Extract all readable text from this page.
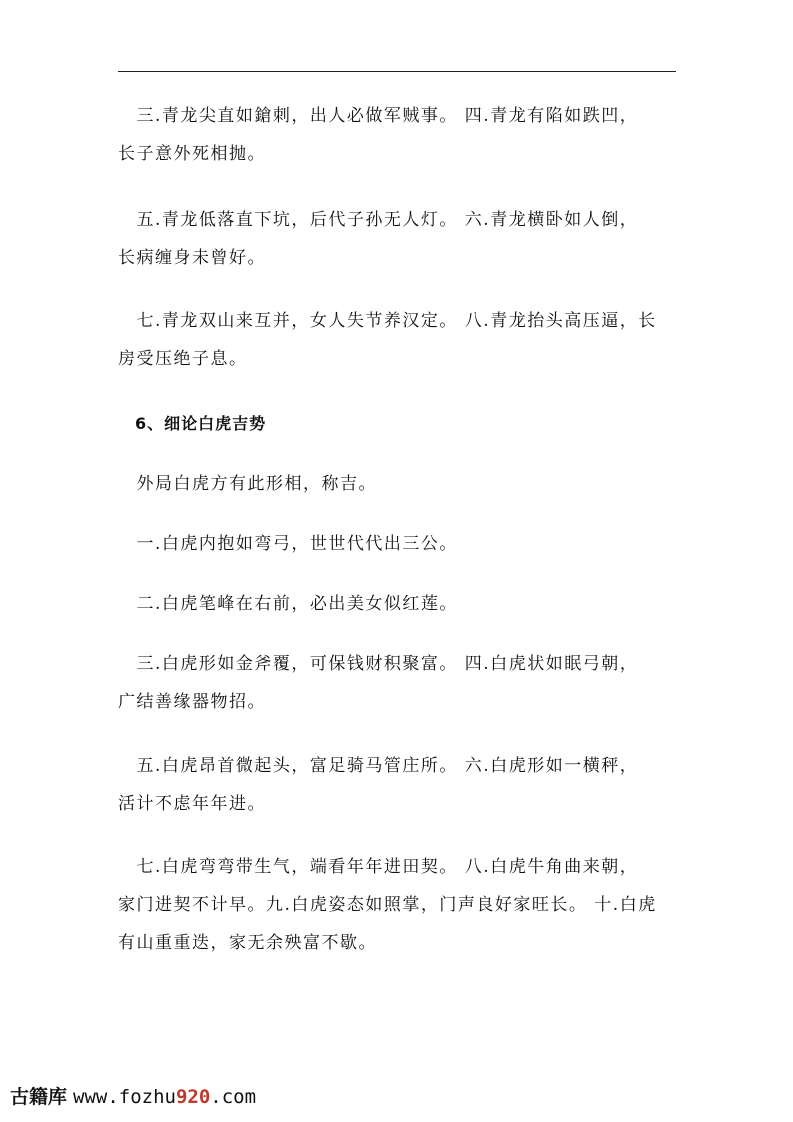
　三.青龙尖直如鎗刺，出人必做军贼事。 四.青龙有陷如跌凹，
长子意外死相抛。
　五.青龙低落直下坑，后代子孙无人灯。 六.青龙横卧如人倒，
长病缠身未曾好。
　七.青龙双山来互并，女人失节养汉定。 八.青龙抬头高压逼，长
房受压绝子息。
　6、细论白虎吉势
　外局白虎方有此形相，称吉。
　一.白虎内抱如弯弓，世世代代出三公。
　二.白虎笔峰在右前，必出美女似红莲。
　三.白虎形如金斧覆，可保钱财积聚富。 四.白虎状如眠弓朝，
广结善缘器物招。
　五.白虎昂首微起头，富足骑马管庄所。 六.白虎形如一横秤，
活计不虑年年进。
　七.白虎弯弯带生气，端看年年进田契。 八.白虎牛角曲来朝，
家门进契不计早。九.白虎姿态如照掌，门声良好家旺长。 十.白虎
有山重重迭，家无余殃富不歇。
古籍库 www.fozhu920.com
